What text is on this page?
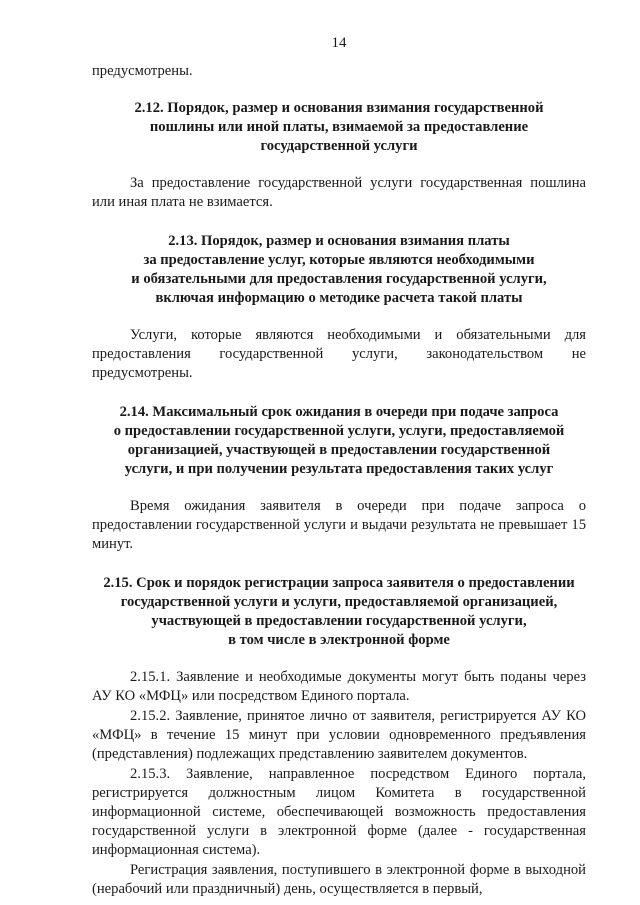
14

предусмотрены.

2.12. Порядок, размер и основания взимания государственной
пошлины или иной платы, взимаемой за предоставление
государственной услуги

За предоставление государственной услуги государственная пошлина или иная плата не взимается.

2.13. Порядок, размер и основания взимания платы
за предоставление услуг, которые являются необходимыми
и обязательными для предоставления государственной услуги,
включая информацию о методике расчета такой платы

Услуги, которые являются необходимыми и обязательными для предоставления государственной услуги, законодательством не предусмотрены.

2.14. Максимальный срок ожидания в очереди при подаче запроса
о предоставлении государственной услуги, услуги, предоставляемой
организацией, участвующей в предоставлении государственной
услуги, и при получении результата предоставления таких услуг

Время ожидания заявителя в очереди при подаче запроса о предоставлении государственной услуги и выдачи результата не превышает 15 минут.

2.15. Срок и порядок регистрации запроса заявителя о предоставлении
государственной услуги и услуги, предоставляемой организацией,
участвующей в предоставлении государственной услуги,
в том числе в электронной форме

2.15.1. Заявление и необходимые документы могут быть поданы через АУ КО «МФЦ» или посредством Единого портала.

2.15.2. Заявление, принятое лично от заявителя, регистрируется АУ КО «МФЦ» в течение 15 минут при условии одновременного предъявления (представления) подлежащих представлению заявителем документов.

2.15.3. Заявление, направленное посредством Единого портала, регистрируется должностным лицом Комитета в государственной информационной системе, обеспечивающей возможность предоставления государственной услуги в электронной форме (далее - государственная информационная система).

Регистрация заявления, поступившего в электронной форме в выходной (нерабочий или праздничный) день, осуществляется в первый,
